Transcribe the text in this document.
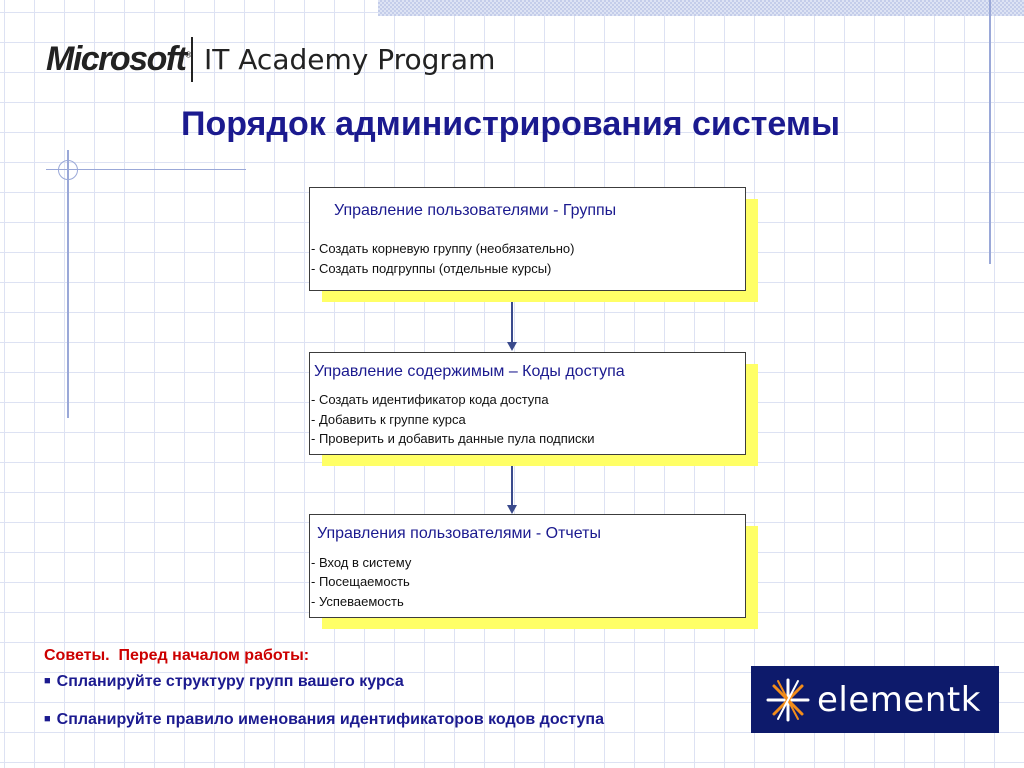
Microsoft® IT Academy Program
Порядок администрирования системы
Управление пользователями - Группы
- Создать корневую группу (необязательно)
- Создать подгруппы (отдельные курсы)
Управление содержимым – Коды доступа
- Создать идентификатор кода доступа
- Добавить к группе курса
- Проверить и добавить данные пула подписки
Управления пользователями - Отчеты
- Вход в систему
- Посещаемость
- Успеваемость
Советы.  Перед началом работы:
■ Спланируйте структуру групп вашего курса
■ Спланируйте правило именования идентификаторов кодов доступа	elementk
